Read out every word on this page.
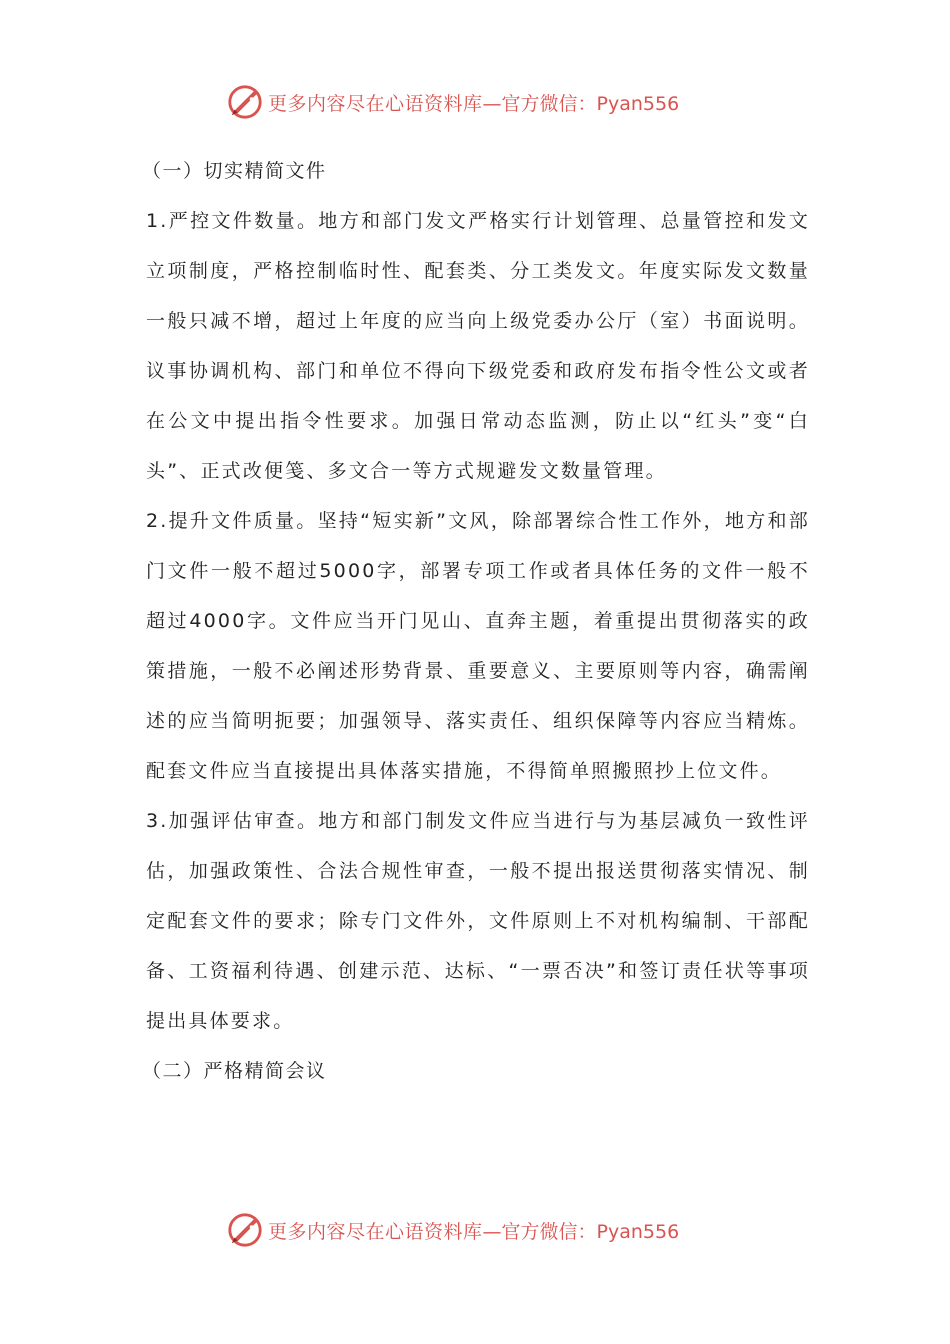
更多内容尽在心语资料库 —官方微信：Pyan556

（一）切实精简文件

1.严控文件数量。地方和部门发文严格实行计划管理、总量管控和发文立项制度，严格控制临时性、配套类、分工类发文。年度实际发文数量一般只减不增，超过上年度的应当向上级党委办公厅（室）书面说明。议事协调机构、部门和单位不得向下级党委和政府发布指令性公文或者在公文中提出指令性要求。加强日常动态监测，防止以“红头”变“白头”、正式改便笺、多文合一等方式规避发文数量管理。

2.提升文件质量。坚持“短实新”文风，除部署综合性工作外，地方和部门文件一般不超过5000字，部署专项工作或者具体任务的文件一般不超过4000字。文件应当开门见山、直奔主题，着重提出贯彻落实的政策措施，一般不必阐述形势背景、重要意义、主要原则等内容，确需阐述的应当简明扼要；加强领导、落实责任、组织保障等内容应当精炼。配套文件应当直接提出具体落实措施，不得简单照搬照抄上位文件。

3.加强评估审查。地方和部门制发文件应当进行与为基层减负一致性评估，加强政策性、合法合规性审查，一般不提出报送贯彻落实情况、制定配套文件的要求；除专门文件外，文件原则上不对机构编制、干部配备、工资福利待遇、创建示范、达标、“一票否决”和签订责任状等事项提出具体要求。

（二）严格精简会议

更多内容尽在心语资料库 —官方微信：Pyan556
